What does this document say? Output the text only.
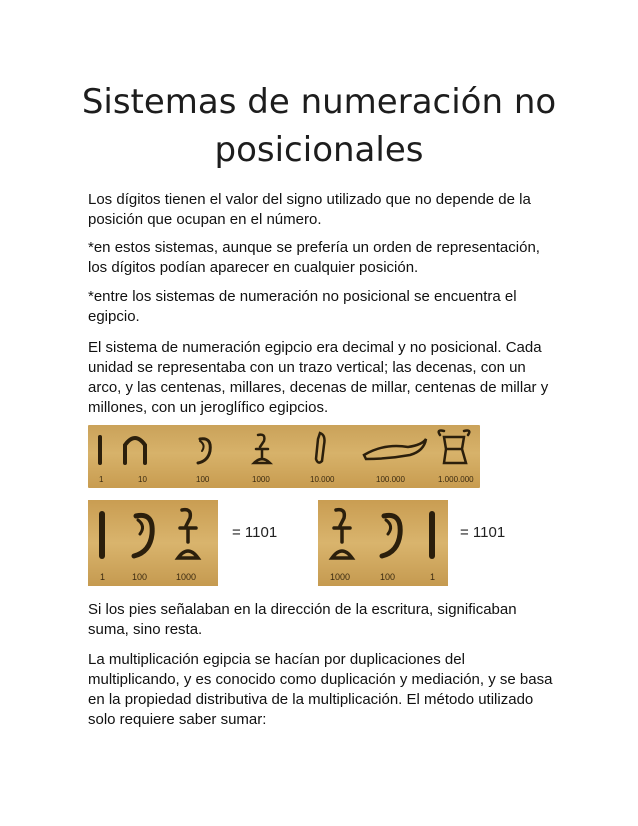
Sistemas de numeración no posicionales

Los dígitos tienen el valor del signo utilizado que no depende de la posición que ocupan en el número.

*en estos sistemas, aunque se prefería un orden de representación, los dígitos podían aparecer en cualquier posición.

*entre los sistemas de numeración no posicional se encuentra el egipcio.

El sistema de numeración egipcio era decimal y no posicional. Cada unidad se representaba con un trazo vertical; las decenas, con un arco, y las centenas, millares, decenas de millar, centenas de millar y millones, con un jeroglífico egipcios.

1	10	100	1000	10.000	100.000	1.000.000
1	100	1000
= 1101
1000	100	1
= 1101

Si los pies señalaban en la dirección de la escritura, significaban suma, sino resta.

La multiplicación egipcia se hacían por duplicaciones del multiplicando, y es conocido como duplicación y mediación, y se basa en la propiedad distributiva de la multiplicación. El método utilizado solo requiere saber sumar:
